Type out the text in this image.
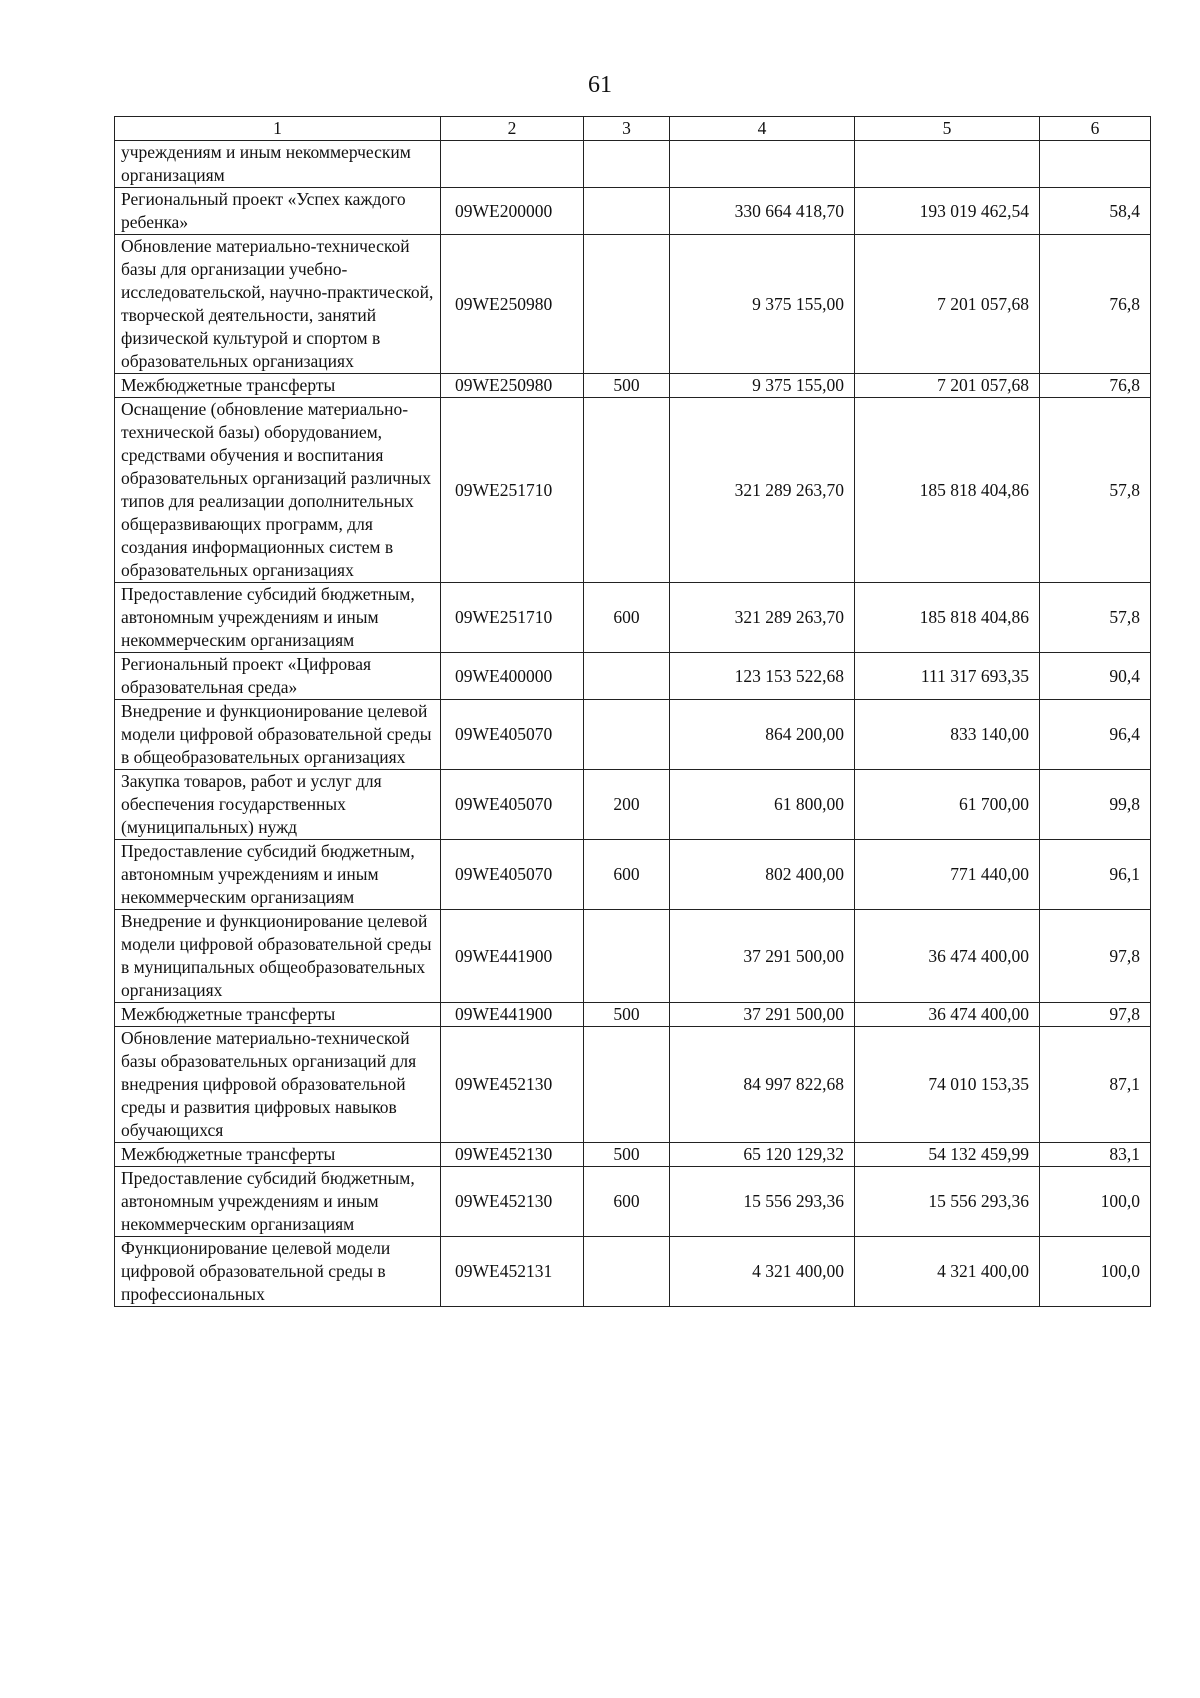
61
1	2	3	4	5	6
учреждениям и иным некоммерческим организациям					
Региональный проект «Успех каждого ребенка»	09WE200000		330 664 418,70	193 019 462,54	58,4
Обновление материально-технической базы для организации учебно-исследовательской, научно-практической, творческой деятельности, занятий физической культурой и спортом в образовательных организациях	09WE250980		9 375 155,00	7 201 057,68	76,8
Межбюджетные трансферты	09WE250980	500	9 375 155,00	7 201 057,68	76,8
Оснащение (обновление материально-технической базы) оборудованием, средствами обучения и воспитания образовательных организаций различных типов для реализации дополнительных общеразвивающих программ, для создания информационных систем в образовательных организациях	09WE251710		321 289 263,70	185 818 404,86	57,8
Предоставление субсидий бюджетным, автономным учреждениям и иным некоммерческим организациям	09WE251710	600	321 289 263,70	185 818 404,86	57,8
Региональный проект «Цифровая образовательная среда»	09WE400000		123 153 522,68	111 317 693,35	90,4
Внедрение и функционирование целевой модели цифровой образовательной среды в общеобразовательных организациях	09WE405070		864 200,00	833 140,00	96,4
Закупка товаров, работ и услуг для обеспечения государственных (муниципальных) нужд	09WE405070	200	61 800,00	61 700,00	99,8
Предоставление субсидий бюджетным, автономным учреждениям и иным некоммерческим организациям	09WE405070	600	802 400,00	771 440,00	96,1
Внедрение и функционирование целевой модели цифровой образовательной среды в муниципальных общеобразовательных организациях	09WE441900		37 291 500,00	36 474 400,00	97,8
Межбюджетные трансферты	09WE441900	500	37 291 500,00	36 474 400,00	97,8
Обновление материально-технической базы образовательных организаций для внедрения цифровой образовательной среды и развития цифровых навыков обучающихся	09WE452130		84 997 822,68	74 010 153,35	87,1
Межбюджетные трансферты	09WE452130	500	65 120 129,32	54 132 459,99	83,1
Предоставление субсидий бюджетным, автономным учреждениям и иным некоммерческим организациям	09WE452130	600	15 556 293,36	15 556 293,36	100,0
Функционирование целевой модели цифровой образовательной среды в профессиональных	09WE452131		4 321 400,00	4 321 400,00	100,0
